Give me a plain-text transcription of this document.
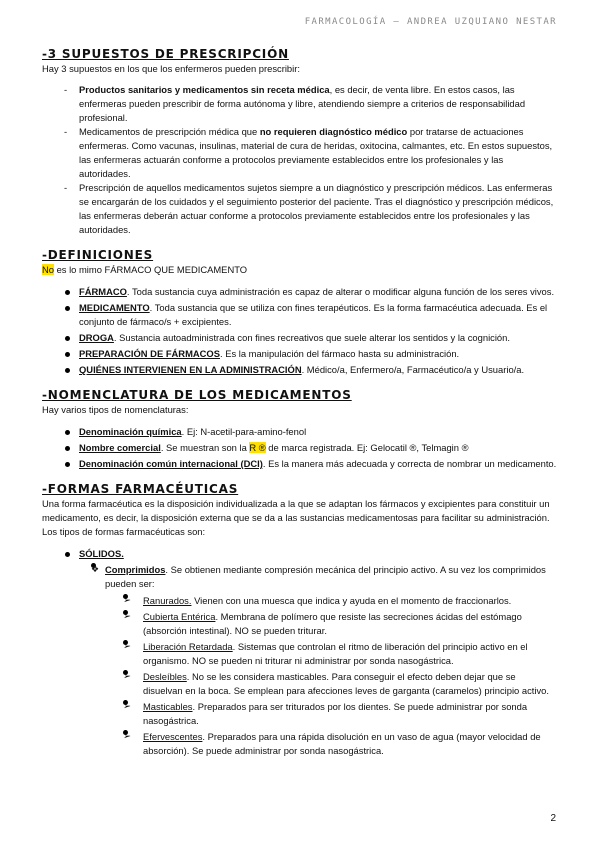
FARMACOLOGÍA – ANDREA UZQUIANO NESTAR
-3 SUPUESTOS DE PRESCRIPCIÓN

Hay 3 supuestos en los que los enfermeros pueden prescribir:

- Productos sanitarios y medicamentos sin receta médica, es decir, de venta libre. En estos casos, las enfermeras pueden prescribir de forma autónoma y libre, atendiendo siempre a criterios de responsabilidad profesional.
- Medicamentos de prescripción médica que no requieren diagnóstico médico por tratarse de actuaciones enfermeras. Como vacunas, insulinas, material de cura de heridas, oxitocina, calmantes, etc. En estos supuestos, las enfermeras actuarán conforme a protocolos previamente establecidos entre los profesionales y las autoridades.
- Prescripción de aquellos medicamentos sujetos siempre a un diagnóstico y prescripción médicos. Las enfermeras se encargarán de los cuidados y el seguimiento posterior del paciente. Tras el diagnóstico y prescripción médicos, las enfermeras deberán actuar conforme a protocolos previamente establecidos entre los profesionales y las autoridades.
-DEFINICIONES

No es lo mimo FÁRMACO QUE MEDICAMENTO

FÁRMACO. Toda sustancia cuya administración es capaz de alterar o modificar alguna función de los seres vivos.
MEDICAMENTO. Toda sustancia que se utiliza con fines terapéuticos. Es la forma farmacéutica adecuada. Es el conjunto de fármaco/s + excipientes.
DROGA. Sustancia autoadministrada con fines recreativos que suele alterar los sentidos y la cognición.
PREPARACIÓN DE FÁRMACOS. Es la manipulación del fármaco hasta su administración.
QUIÉNES INTERVIENEN EN LA ADMINISTRACIÓN. Médico/a, Enfermero/a, Farmacéutico/a y Usuario/a.
-NOMENCLATURA DE LOS MEDICAMENTOS

Hay varios tipos de nomenclaturas:

Denominación química. Ej: N-acetil-para-amino-fenol
Nombre comercial. Se muestran son la R ® de marca registrada. Ej: Gelocatil ®, Telmagin ®
Denominación común internacional (DCI). Es la manera más adecuada y correcta de nombrar un medicamento.
-FORMAS FARMACÉUTICAS

Una forma farmacéutica es la disposición individualizada a la que se adaptan los fármacos y excipientes para constituir un medicamento, es decir, la disposición externa que se da a las sustancias medicamentosas para facilitar su administración. Los tipos de formas farmacéuticas son:

SÓLIDOS.
❖ Comprimidos. Se obtienen mediante compresión mecánica del principio activo. A su vez los comprimidos pueden ser:
➢ Ranurados. Vienen con una muesca que indica y ayuda en el momento de fraccionarlos.
➢ Cubierta Entérica. Membrana de polímero que resiste las secreciones ácidas del estómago (absorción intestinal). NO se pueden triturar.
➢ Liberación Retardada. Sistemas que controlan el ritmo de liberación del principio activo en el organismo. NO se pueden ni triturar ni administrar por sonda nasogástrica.
➢ Desleíbles. No se les considera masticables. Para conseguir el efecto deben dejar que se disuelvan en la boca. Se emplean para afecciones leves de garganta (caramelos) principio activo.
➢ Masticables. Preparados para ser triturados por los dientes. Se puede administrar por sonda nasogástrica.
➢ Efervescentes. Preparados para una rápida disolución en un vaso de agua (mayor velocidad de absorción). Se puede administrar por sonda nasogástrica.
2
